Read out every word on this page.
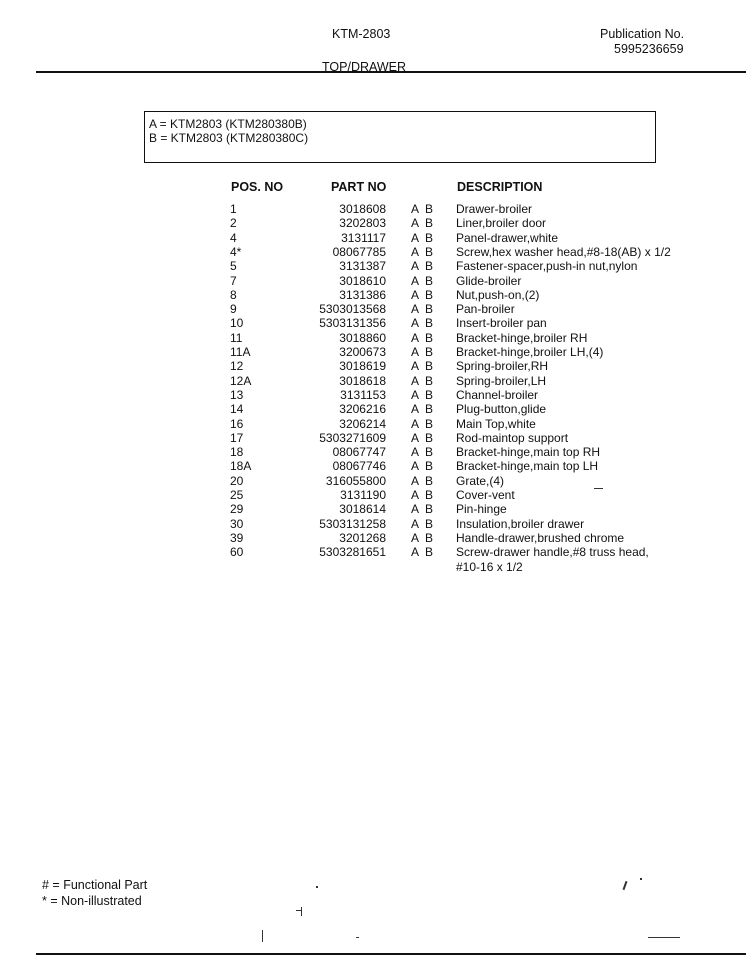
KTM-2803	Publication No.
5995236659
TOP/DRAWER
A = KTM2803 (KTM280380B)
B = KTM2803 (KTM280380C)
POS. NO	PART NO	DESCRIPTION
1	3018608 A B Drawer-broiler
2	3202803 A B Liner,broiler door
4	3131117 A B Panel-drawer,white
4*	08067785 A B Screw,hex washer head,#8-18(AB) x 1/2
5	3131387 A B Fastener-spacer,push-in nut,nylon
7	3018610 A B Glide-broiler
8	3131386 A B Nut,push-on,(2)
9	5303013568 A B Pan-broiler
10	5303131356 A B Insert-broiler pan
11	3018860 A B Bracket-hinge,broiler RH
11A	3200673 A B Bracket-hinge,broiler LH,(4)
12	3018619 A B Spring-broiler,RH
12A	3018618 A B Spring-broiler,LH
13	3131153 A B Channel-broiler
14	3206216 A B Plug-button,glide
16	3206214 A B Main Top,white
17	5303271609 A B Rod-maintop support
18	08067747 A B Bracket-hinge,main top RH
18A	08067746 A B Bracket-hinge,main top LH
20	316055800 A B Grate,(4)
25	3131190 A B Cover-vent
29	3018614 A B Pin-hinge
30	5303131258 A B Insulation,broiler drawer
39	3201268 A B Handle-drawer,brushed chrome
60	5303281651 A B Screw-drawer handle,#8 truss head,
#10-16 x 1/2
# = Functional Part
* = Non-illustrated
